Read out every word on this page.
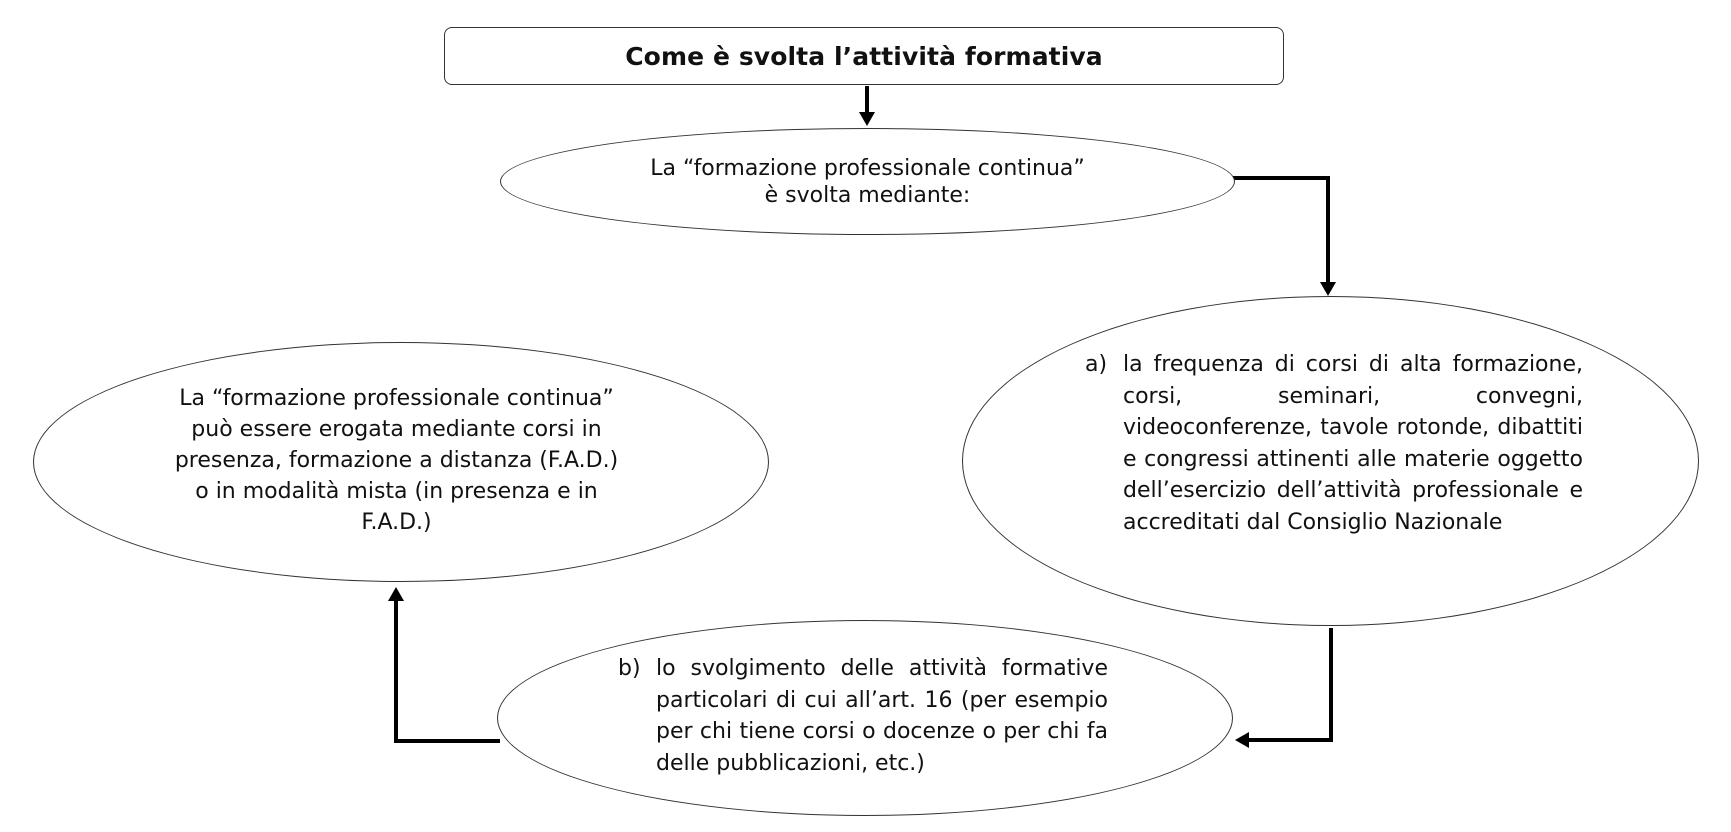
Come è svolta l’attività formativa
La “formazione professionale continua”
è svolta mediante:
La “formazione professionale continua” può essere erogata mediante corsi in presenza, formazione a distanza (F.A.D.) o in modalità mista (in presenza e in F.A.D.)
a) la frequenza di corsi di alta formazione, corsi, seminari, convegni, videoconferenze, tavole rotonde, dibattiti e congressi attinenti alle materie oggetto dell’esercizio dell’attività professionale e accreditati dal Consiglio Nazionale
b) lo svolgimento delle attività formative particolari di cui all’art. 16 (per esempio per chi tiene corsi o docenze o per chi fa delle pubblicazioni, etc.)
